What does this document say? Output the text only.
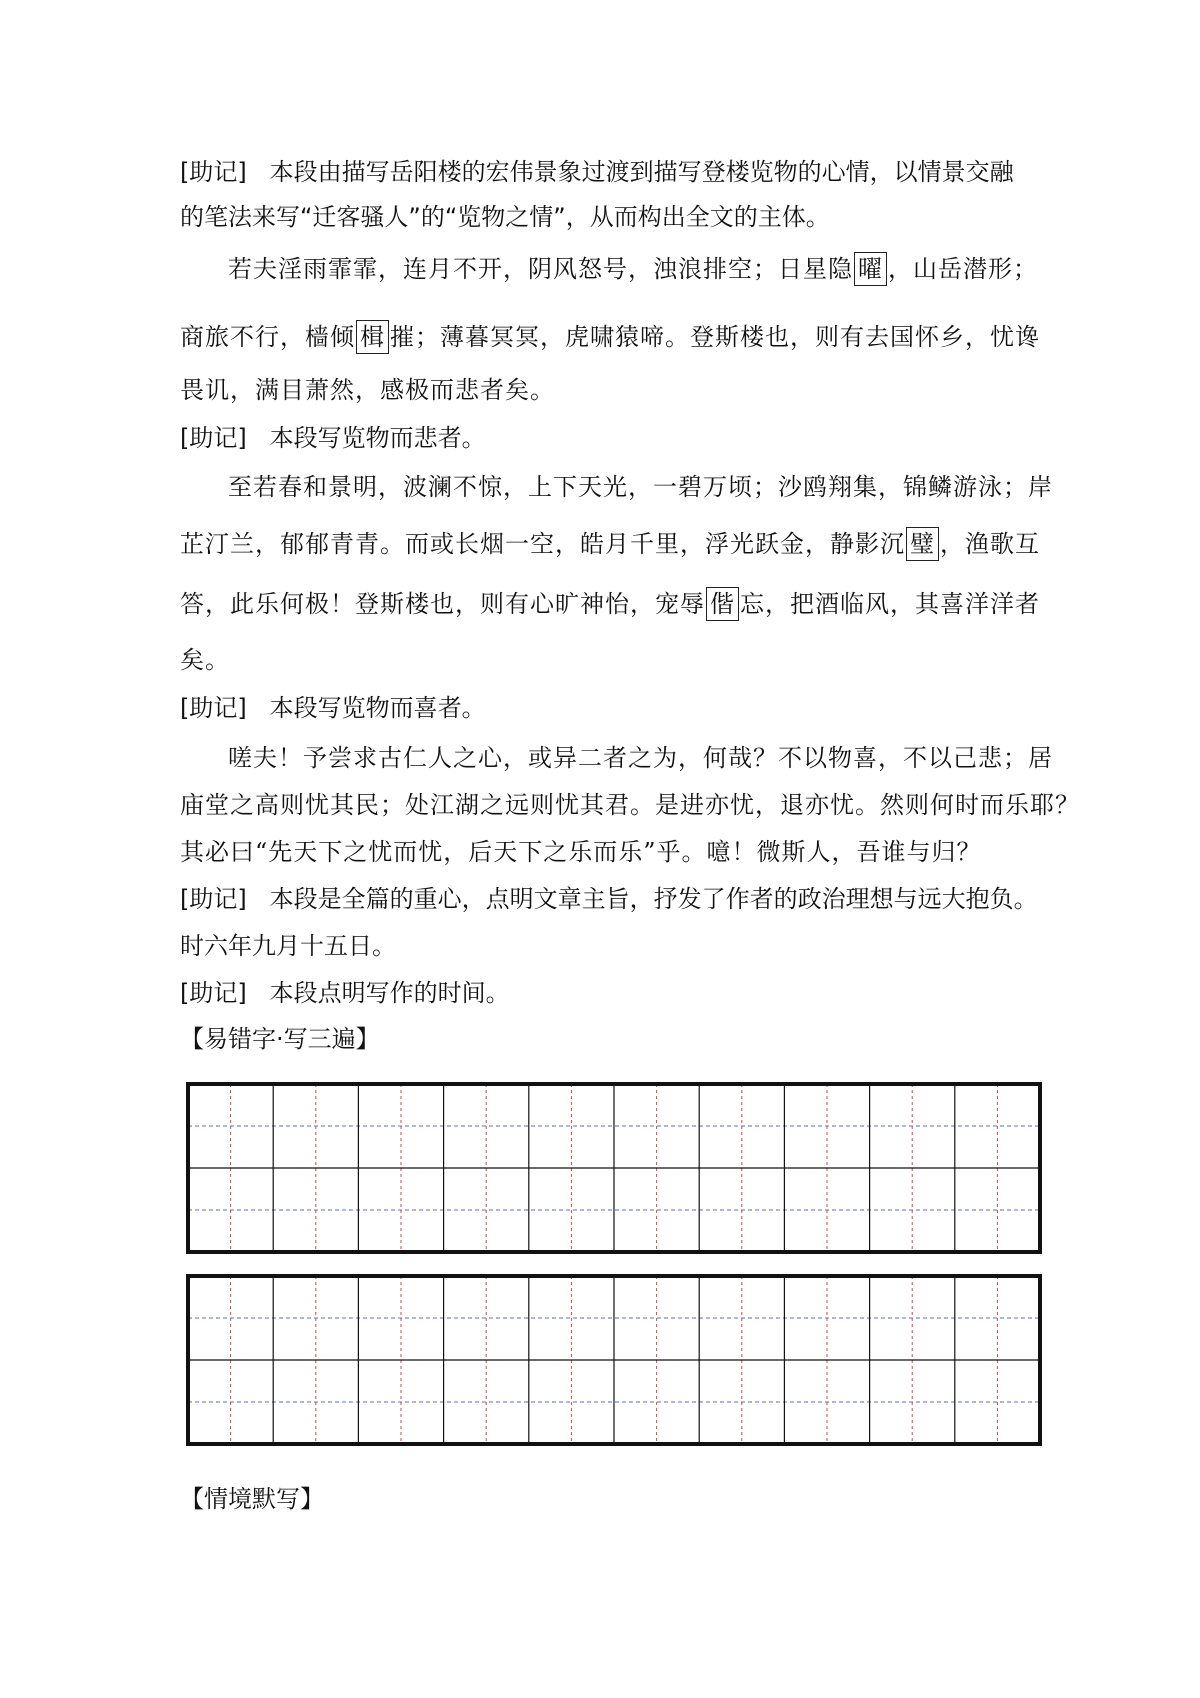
[助记] 本段由描写岳阳楼的宏伟景象过渡到描写登楼览物的心情，以情景交融
的笔法来写“迁客骚人”的“览物之情”，从而构出全文的主体。
若夫淫雨霏霏，连月不开，阴风怒号，浊浪排空；日星隐 曜 ，山岳潜形；
商旅不行，樯倾 楫 摧；薄暮冥冥，虎啸猿啼。登斯楼也，则有去国怀乡，忧谗
畏讥，满目萧然，感极而悲者矣。
[助记] 本段写览物而悲者。
至若春和景明，波澜不惊，上下天光，一碧万顷；沙鸥翔集，锦鳞游泳；岸
芷汀兰，郁郁青青。而或长烟一空，皓月千里，浮光跃金，静影沉 璧 ，渔歌互
答，此乐何极！登斯楼也，则有心旷神怡，宠辱 偕 忘，把酒临风，其喜洋洋者
矣。
[助记] 本段写览物而喜者。
嗟夫！予尝求古仁人之心，或异二者之为，何哉？不以物喜，不以己悲；居
庙堂之高则忧其民；处江湖之远则忧其君。是进亦忧，退亦忧。然则何时而乐耶？
其必曰“先天下之忧而忧，后天下之乐而乐”乎。噫！微斯人，吾谁与归？
[助记] 本段是全篇的重心，点明文章主旨，抒发了作者的政治理想与远大抱负。
时六年九月十五日。
[助记] 本段点明写作的时间。
【易错字·写三遍】
【情境默写】
